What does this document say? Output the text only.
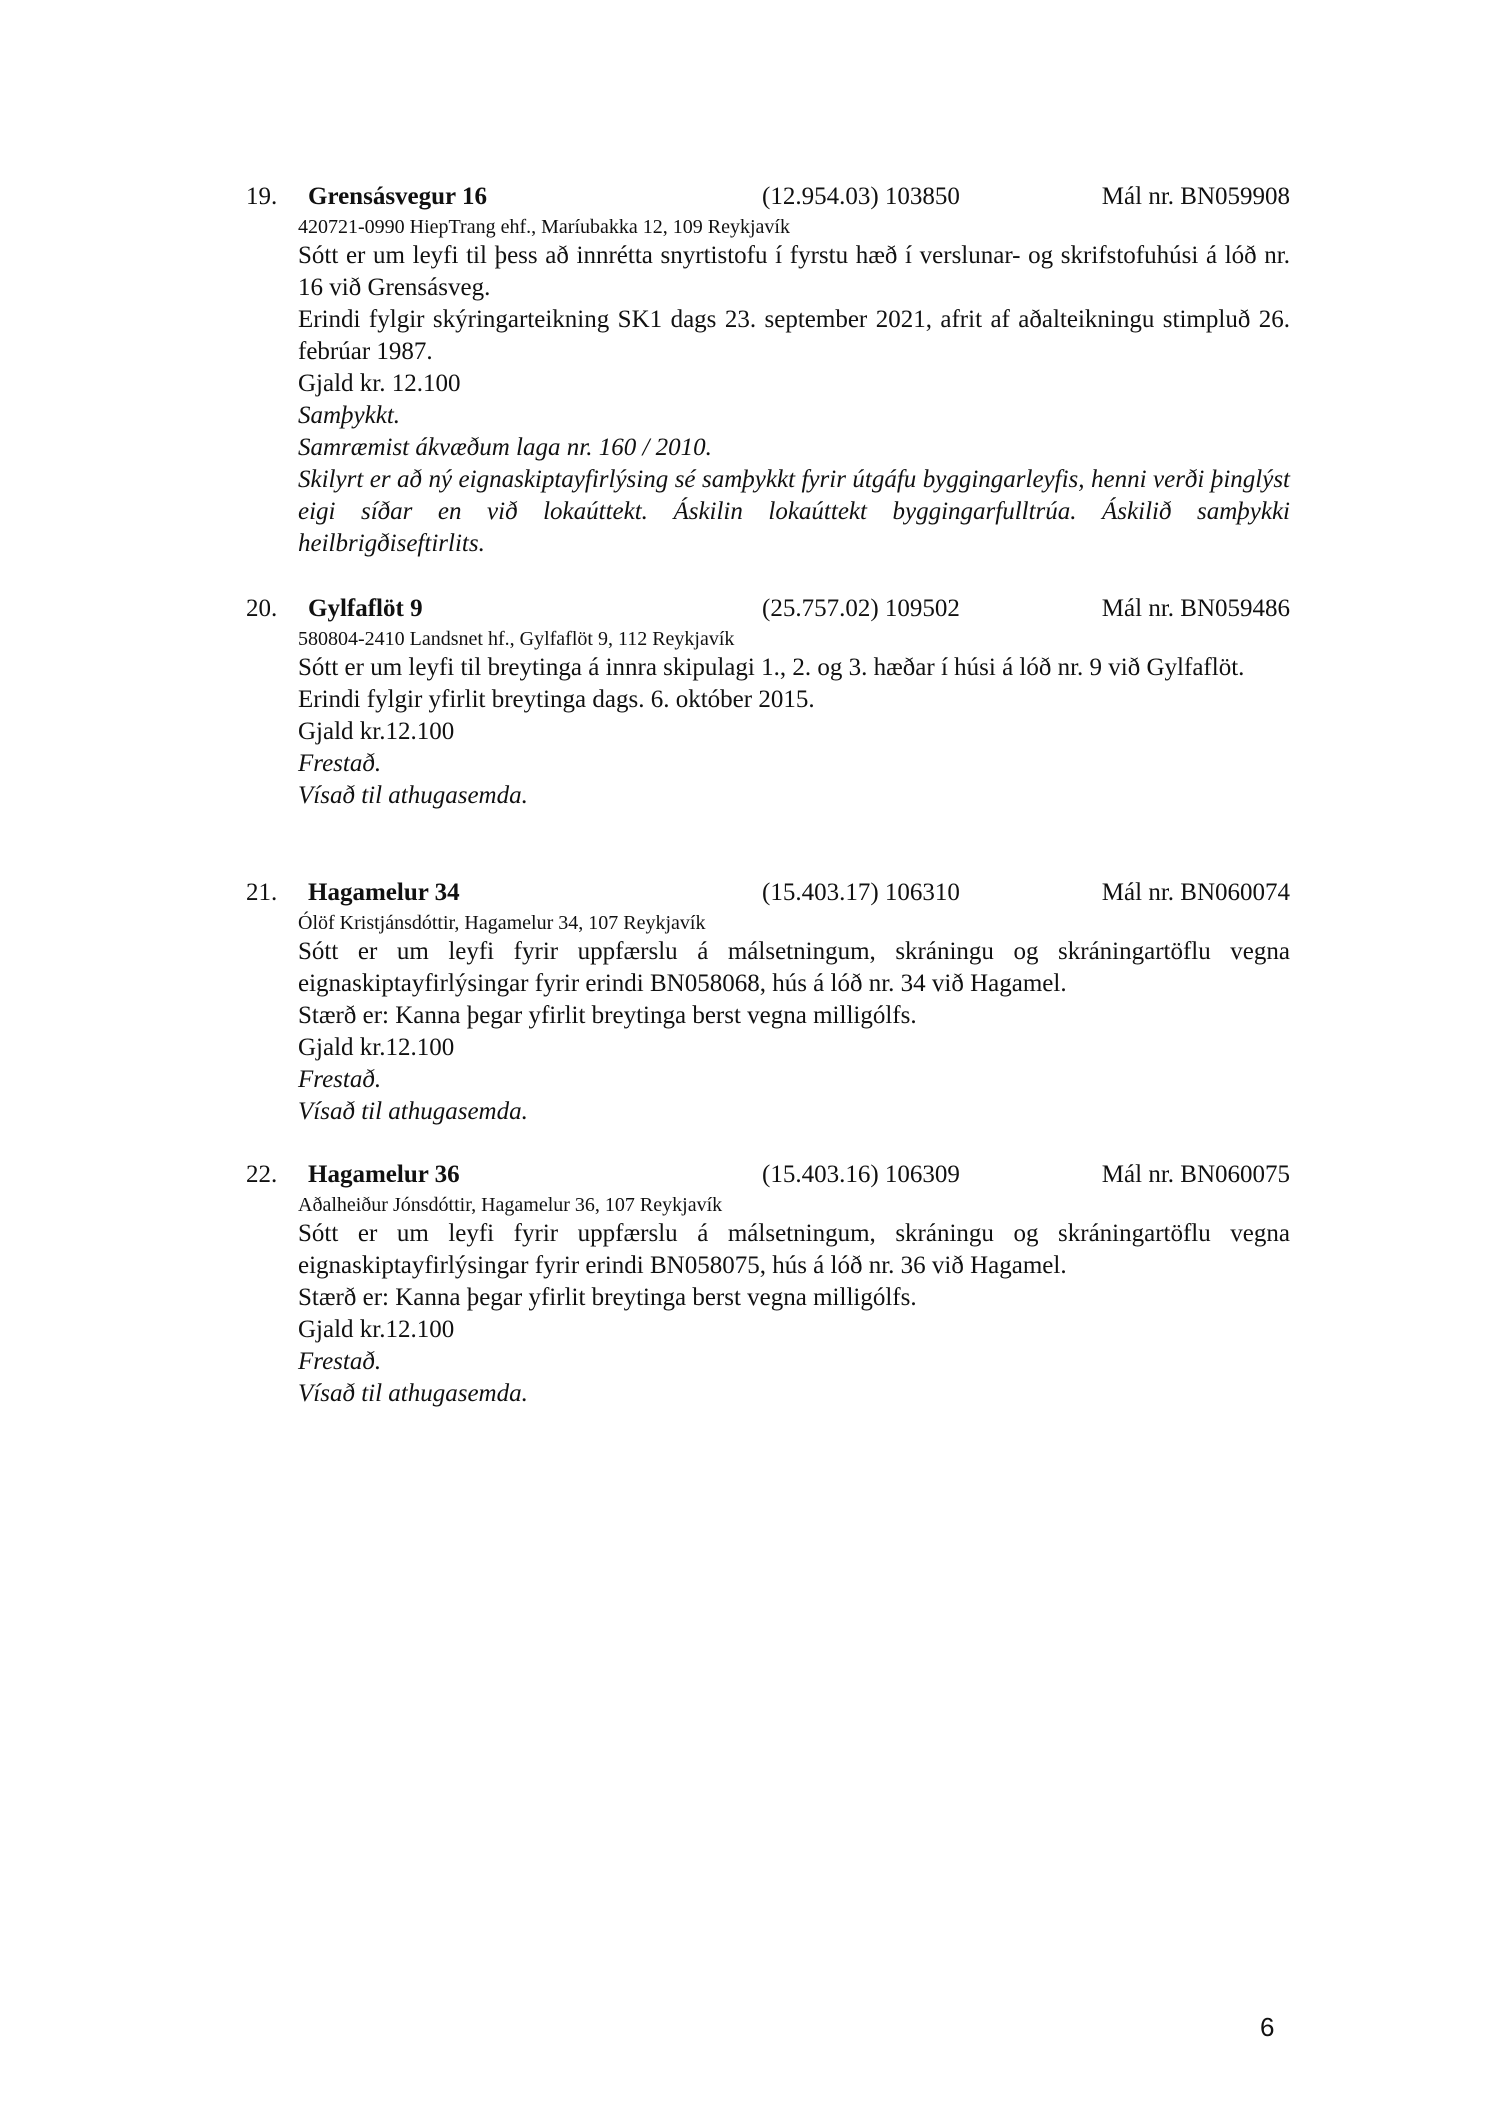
19. Grensásvegur 16	(12.954.03) 103850	Mál nr. BN059908
420721-0990 HiepTrang ehf., Maríubakka 12, 109 Reykjavík

Sótt er um leyfi til þess að innrétta snyrtistofu í fyrstu hæð í verslunar- og skrifstofuhúsi á lóð nr. 16 við Grensásveg.

Erindi fylgir skýringarteikning SK1 dags 23. september 2021, afrit af aðalteikningu stimpluð 26. febrúar 1987.

Gjald kr. 12.100

Samþykkt.

Samræmist ákvæðum laga nr. 160 / 2010.

Skilyrt er að ný eignaskiptayfirlýsing sé samþykkt fyrir útgáfu byggingarleyfis, henni verði þinglýst eigi síðar en við lokaúttekt. Áskilin lokaúttekt byggingarfulltrúa. Áskilið samþykki heilbrigðiseftirlits.

20. Gylfaflöt 9	(25.757.02) 109502	Mál nr. BN059486
580804-2410 Landsnet hf., Gylfaflöt 9, 112 Reykjavík

Sótt er um leyfi til breytinga á innra skipulagi 1., 2. og 3. hæðar í húsi á lóð nr. 9 við Gylfaflöt.

Erindi fylgir yfirlit breytinga dags. 6. október 2015.

Gjald kr.12.100

Frestað.

Vísað til athugasemda.

21. Hagamelur 34	(15.403.17) 106310	Mál nr. BN060074
Ólöf Kristjánsdóttir, Hagamelur 34, 107 Reykjavík

Sótt er um leyfi fyrir uppfærslu á málsetningum, skráningu og skráningartöflu vegna eignaskiptayfirlýsingar fyrir erindi BN058068, hús á lóð nr. 34 við Hagamel.

Stærð er: Kanna þegar yfirlit breytinga berst vegna milligólfs.

Gjald kr.12.100

Frestað.

Vísað til athugasemda.

22. Hagamelur 36	(15.403.16) 106309	Mál nr. BN060075
Aðalheiður Jónsdóttir, Hagamelur 36, 107 Reykjavík

Sótt er um leyfi fyrir uppfærslu á málsetningum, skráningu og skráningartöflu vegna eignaskiptayfirlýsingar fyrir erindi BN058075, hús á lóð nr. 36 við Hagamel.

Stærð er: Kanna þegar yfirlit breytinga berst vegna milligólfs.

Gjald kr.12.100

Frestað.

Vísað til athugasemda.

6
